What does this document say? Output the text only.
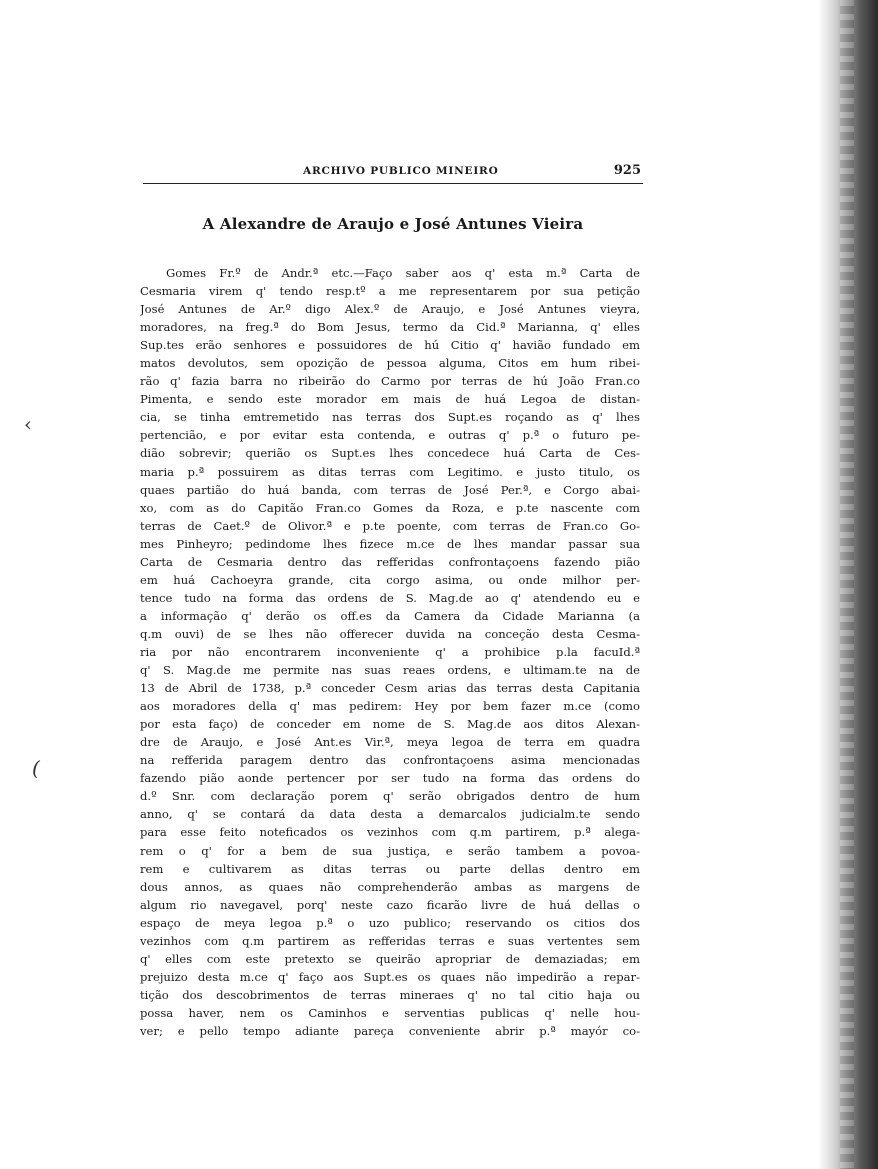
‹
(
ARCHIVO PUBLICO MINEIRO	925
A Alexandre de Araujo e José Antunes Vieira
Gomes Fr.º de Andr.ª etc.—Faço saber aos q' esta m.ª Carta de
Cesmaria virem q' tendo resp.tº a me representarem por sua petição
José Antunes de Ar.º digo Alex.º de Araujo, e José Antunes vieyra,
moradores, na freg.ª do Bom Jesus, termo da Cid.ª Marianna, q' elles
Sup.tes erão senhores e possuidores de hú Citio q' havião fundado em
matos devolutos, sem opozição de pessoa alguma, Citos em hum ribei-
rão q' fazia barra no ribeirão do Carmo por terras de hú João Fran.co
Pimenta, e sendo este morador em mais de huá Legoa de distan-
cia, se tinha emtremetido nas terras dos Supt.es roçando as q' lhes
pertencião, e por evitar esta contenda, e outras q' p.ª o futuro pe-
dião sobrevir; querião os Supt.es lhes concedece huá Carta de Ces-
maria p.ª possuirem as ditas terras com Legitimo. e justo titulo, os
quaes partião do huá banda, com terras de José Per.ª, e Corgo abai-
xo, com as do Capitão Fran.co Gomes da Roza, e p.te nascente com
terras de Caet.º de Olivor.ª e p.te poente, com terras de Fran.co Go-
mes Pinheyro; pedindome lhes fizece m.ce de lhes mandar passar sua
Carta de Cesmaria dentro das refferidas confrontaçoens fazendo pião
em huá Cachoeyra grande, cita corgo asima, ou onde milhor per-
tence tudo na forma das ordens de S. Mag.de ao q' atendendo eu e
a informação q' derão os off.es da Camera da Cidade Marianna (a
q.m ouvi) de se lhes não offerecer duvida na conceção desta Cesma-
ria por não encontrarem inconveniente q' a prohibice p.la facuId.ª
q' S. Mag.de me permite nas suas reaes ordens, e ultimam.te na de
13 de Abril de 1738, p.ª conceder Cesm arias das terras desta Capitania
aos moradores della q' mas pedirem: Hey por bem fazer m.ce (como
por esta faço) de conceder em nome de S. Mag.de aos ditos Alexan-
dre de Araujo, e José Ant.es Vir.ª, meya legoa de terra em quadra
na refferida paragem dentro das confrontaçoens asima mencionadas
fazendo pião aonde pertencer por ser tudo na forma das ordens do
d.º Snr. com declaração porem q' serão obrigados dentro de hum
anno, q' se contará da data desta a demarcalos judicialm.te sendo
para esse feito noteficados os vezinhos com q.m partirem, p.ª alega-
rem o q' for a bem de sua justiça, e serão tambem a povoa-
rem e cultivarem as ditas terras ou parte dellas dentro em
dous annos, as quaes não comprehenderão ambas as margens de
algum rio navegavel, porq' neste cazo ficarão livre de huá dellas o
espaço de meya legoa p.ª o uzo publico; reservando os citios dos
vezinhos com q.m partirem as refferidas terras e suas vertentes sem
q' elles com este pretexto se queirão apropriar de demaziadas; em
prejuizo desta m.ce q' faço aos Supt.es os quaes não impedirão a repar-
tição dos descobrimentos de terras mineraes q' no tal citio haja ou
possa haver, nem os Caminhos e serventias publicas q' nelle hou-
ver; e pello tempo adiante pareça conveniente abrir p.ª mayór co-
